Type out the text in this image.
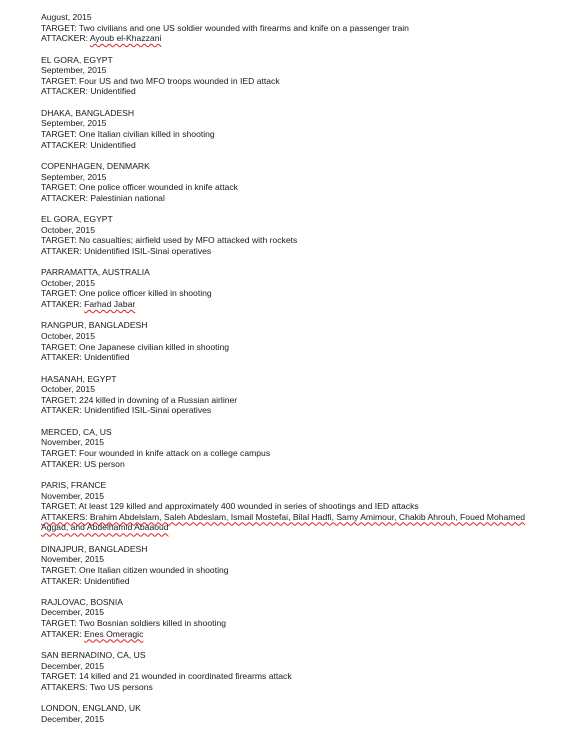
August, 2015
TARGET: Two civilians and one US soldier wounded with firearms and knife on a passenger train
ATTACKER: Ayoub el-Khazzani
EL GORA, EGYPT
September, 2015
TARGET: Four US and two MFO troops wounded in IED attack
ATTACKER: Unidentified
DHAKA, BANGLADESH
September, 2015
TARGET: One Italian civilian killed in shooting
ATTACKER: Unidentified
COPENHAGEN, DENMARK
September, 2015
TARGET: One police officer wounded in knife attack
ATTACKER: Palestinian national
EL GORA, EGYPT
October, 2015
TARGET: No casualties; airfield used by MFO attacked with rockets
ATTAKER: Unidentified ISIL-Sinai operatives
PARRAMATTA, AUSTRALIA
October, 2015
TARGET: One police officer killed in shooting
ATTAKER: Farhad Jabar
RANGPUR, BANGLADESH
October, 2015
TARGET: One Japanese civilian killed in shooting
ATTAKER: Unidentified
HASANAH, EGYPT
October, 2015
TARGET: 224 killed in downing of a Russian airliner
ATTAKER: Unidentified ISIL-Sinai operatives
MERCED, CA, US
November, 2015
TARGET: Four wounded in knife attack on a college campus
ATTAKER: US person
PARIS, FRANCE
November, 2015
TARGET: At least 129 killed and approximately 400 wounded in series of shootings and IED attacks
ATTAKERS: Brahim Abdelslam, Saleh Abdeslam, Ismail Mostefai, Bilal Hadfi, Samy Amimour, Chakib Ahrouh, Foued Mohamed Aggad, and Abdelhamid Abaaoud
DINAJPUR, BANGLADESH
November, 2015
TARGET: One Italian citizen wounded in shooting
ATTAKER: Unidentified
RAJLOVAC, BOSNIA
December, 2015
TARGET: Two Bosnian soldiers killed in shooting
ATTAKER: Enes Omeragic
SAN BERNADINO, CA, US
December, 2015
TARGET: 14 killed and 21 wounded in coordinated firearms attack
ATTAKERS: Two US persons
LONDON, ENGLAND, UK
December, 2015
